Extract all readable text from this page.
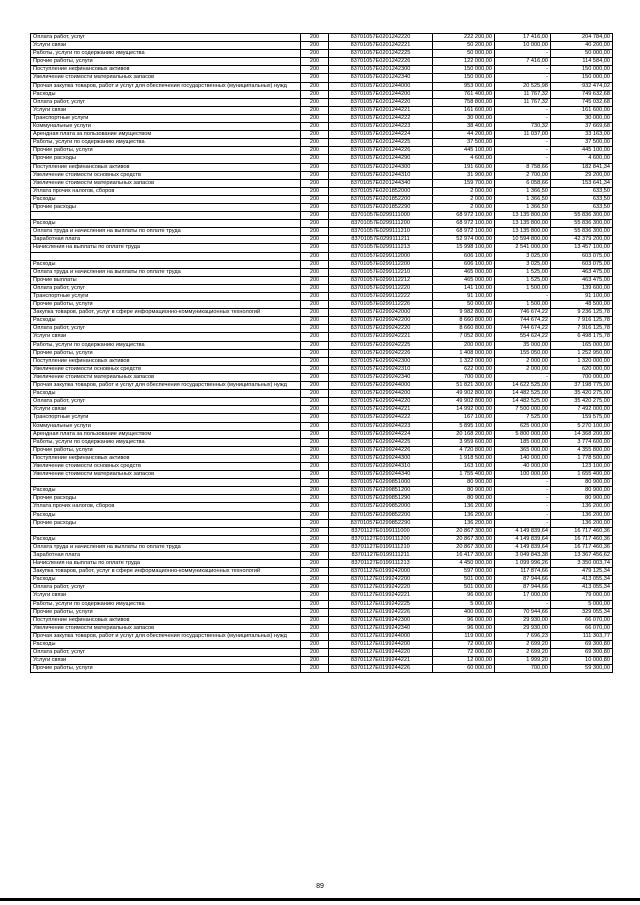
Оплата работ, услуг	200	83701057Е0201242220	222 200,00	17 416,00	204 784,00
Услуги связи	200	83701057Е0201242221	50 200,00	10 000,00	40 200,00
Работы, услуги по содержанию имущества	200	83701057Е0201242225	50 000,00	-	50 000,00
Прочие работы, услуги	200	83701057Е0201242226	122 000,00	7 416,00	114 584,00
Поступление нефинансовых активов	200	83701057Е0201242300	150 000,00	-	150 000,00
Увеличение стоимости материальных запасов	200	83701057Е0201242340	150 000,00	-	150 000,00
Прочая закупка товаров, работ и услуг для обеспечения государственных (муниципальных) нужд	200	83701057Е0201244000	953 000,00	20 525,98	932 474,02
Расходы	200	83701057Е0201244200	761 400,00	11 767,32	749 632,68
Оплата работ, услуг	200	83701057Е0201244220	758 800,00	11 767,32	745 032,68
Услуги связи	200	83701057Е0201244221	161 600,00	-	161 600,00
Транспортные услуги	200	83701057Е0201244222	30 000,00	-	30 000,00
Коммунальные услуги	200	83701057Е0201244223	38 400,00	730,32	37 669,68
Арендная плата за пользование имуществом	200	83701057Е0201244224	44 200,00	11 037,00	33 163,00
Работы, услуги по содержанию имущества	200	83701057Е0201244225	37 500,00	-	37 500,00
Прочие работы, услуги	200	83701057Е0201244226	445 100,00	-	445 100,00
Прочие расходы	200	83701057Е0201244290	4 600,00	-	4 600,00
Поступление нефинансовых активов	200	83701057Е0201244300	191 600,00	8 758,66	182 841,34
Увеличение стоимости основных средств	200	83701057Е0201244310	31 900,00	2 700,00	29 200,00
Увеличение стоимости материальных запасов	200	83701057Е0201244340	159 700,00	6 058,66	153 641,34
Уплата прочих налогов, сборов	200	83701057Е0201852000	2 000,00	1 366,50	633,50
Расходы	200	83701057Е0201852200	2 000,00	1 366,50	633,50
Прочие расходы	200	83701057Е0201852290	2 000,00	1 366,50	633,50
	200	83701057Е0299111000	68 972 100,00	13 135 800,00	55 836 300,00
Расходы	200	83701057Е0299111200	68 972 100,00	13 135 800,00	55 836 300,00
Оплата труда и начисления на выплаты по оплате труда	200	83701057Е0299111210	68 972 100,00	13 135 800,00	55 836 300,00
Заработная плата	200	83701057Е0299111211	52 974 000,00	10 594 800,00	42 379 200,00
Начисления на выплаты по оплате труда	200	83701057Е0299111213	15 998 100,00	2 541 000,00	13 457 100,00
	200	83701057Е0299112000	606 100,00	3 025,00	603 075,00
Расходы	200	83701057Е0299112200	606 100,00	3 025,00	603 075,00
Оплата труда и начисления на выплаты по оплате труда	200	83701057Е0299112210	465 000,00	1 525,00	463 475,00
Прочие выплаты	200	83701057Е0299112212	465 000,00	1 525,00	463 475,00
Оплата работ, услуг	200	83701057Е0299112220	141 100,00	1 500,00	139 600,00
Транспортные услуги	200	83701057Е0299112222	91 100,00	-	91 100,00
Прочие работы, услуги	200	83701057Е0299112226	50 000,00	1 500,00	48 500,00
Закупка товаров, работ, услуг в сфере информационно-коммуникационных технологий	200	83701057Е0299242000	9 982 800,00	746 674,22	9 236 125,78
Расходы	200	83701057Е0299242200	8 660 800,00	744 674,22	7 916 125,78
Оплата работ, услуг	200	83701057Е0299242220	8 660 800,00	744 674,22	7 916 125,78
Услуги связи	200	83701057Е0299242221	7 052 800,00	554 624,22	6 498 175,78
Работы, услуги по содержанию имущества	200	83701057Е0299242225	200 000,00	35 000,00	165 000,00
Прочие работы, услуги	200	83701057Е0299242226	1 408 000,00	155 050,00	1 252 950,00
Поступление нефинансовых активов	200	83701057Е0299242300	1 322 000,00	2 000,00	1 320 000,00
Увеличение стоимости основных средств	200	83701057Е0299242310	622 000,00	2 000,00	620 000,00
Увеличение стоимости материальных запасов	200	83701057Е0299242340	700 000,00	-	700 000,00
Прочая закупка товаров, работ и услуг для обеспечения государственных (муниципальных) нужд	200	83701057Е0299244000	51 821 300,00	14 622 525,00	37 198 775,00
Расходы	200	83701057Е0299244200	49 902 800,00	14 482 525,00	35 420 275,00
Оплата работ, услуг	200	83701057Е0299244220	49 902 800,00	14 482 525,00	35 420 275,00
Услуги связи	200	83701057Е0299244221	14 992 000,00	7 500 000,00	7 492 000,00
Транспортные услуги	200	83701057Е0299244222	167 100,00	7 525,00	159 575,00
Коммунальные услуги	200	83701057Е0299244223	5 895 100,00	625 000,00	5 270 100,00
Арендная плата за пользование имуществом	200	83701057Е0299244224	20 168 200,00	5 800 000,00	14 368 200,00
Работы, услуги по содержанию имущества	200	83701057Е0299244225	3 959 600,00	185 000,00	3 774 600,00
Прочие работы, услуги	200	83701057Е0299244226	4 720 800,00	365 000,00	4 355 800,00
Поступление нефинансовых активов	200	83701057Е0299244300	1 918 500,00	140 000,00	1 778 500,00
Увеличение стоимости основных средств	200	83701057Е0299244310	163 100,00	40 000,00	123 100,00
Увеличение стоимости материальных запасов	200	83701057Е0299244340	1 755 400,00	100 000,00	1 655 400,00
	200	83701057Е0299851000	80 900,00	-	80 900,00
Расходы	200	83701057Е0299851200	80 900,00	-	80 900,00
Прочие расходы	200	83701057Е0299851290	80 900,00	-	80 900,00
Уплата прочих налогов, сборов	200	83701057Е0299852000	136 200,00	-	136 200,00
Расходы	200	83701057Е0299852200	136 200,00	-	136 200,00
Прочие расходы	200	83701057Е0299852290	136 200,00	-	136 200,00
	200	83701127Е0199111000	20 867 300,00	4 149 839,64	16 717 460,36
Расходы	200	83701127Е0199111200	20 867 300,00	4 149 839,64	16 717 460,36
Оплата труда и начисления на выплаты по оплате труда	200	83701127Е0199111210	20 867 300,00	4 149 839,64	16 717 460,36
Заработная плата	200	83701127Е0199111211	16 417 300,00	3 049 843,38	13 367 456,62
Начисления на выплаты по оплате труда	200	83701127Е0199111213	4 450 000,00	1 099 996,26	3 350 003,74
Закупка товаров, работ, услуг в сфере информационно-коммуникационных технологий	200	83701127Е0199242000	597 000,00	117 874,66	479 125,34
Расходы	200	83701127Е0199242200	501 000,00	87 944,66	413 055,34
Оплата работ, услуг	200	83701127Е0199242220	501 000,00	87 944,66	413 055,34
Услуги связи	200	83701127Е0199242221	96 000,00	17 000,00	79 000,00
Работы, услуги по содержанию имущества	200	83701127Е0199242225	5 000,00	-	5 000,00
Прочие работы, услуги	200	83701127Е0199242226	400 000,00	70 944,66	329 055,34
Поступление нефинансовых активов	200	83701127Е0199242300	96 000,00	29 930,00	66 070,00
Увеличение стоимости материальных запасов	200	83701127Е0199242340	96 000,00	29 930,00	66 070,00
Прочая закупка товаров, работ и услуг для обеспечения государственных (муниципальных) нужд	200	83701127Е0199244000	119 000,00	7 696,23	111 303,77
Расходы	200	83701127Е0199244200	72 000,00	2 699,20	69 300,80
Оплата работ, услуг	200	83701127Е0199244220	72 000,00	2 699,20	69 300,80
Услуги связи	200	83701127Е0199244221	12 000,00	1 999,20	10 000,80
Прочие работы, услуги	200	83701127Е0199244226	60 000,00	700,00	59 300,00
89
